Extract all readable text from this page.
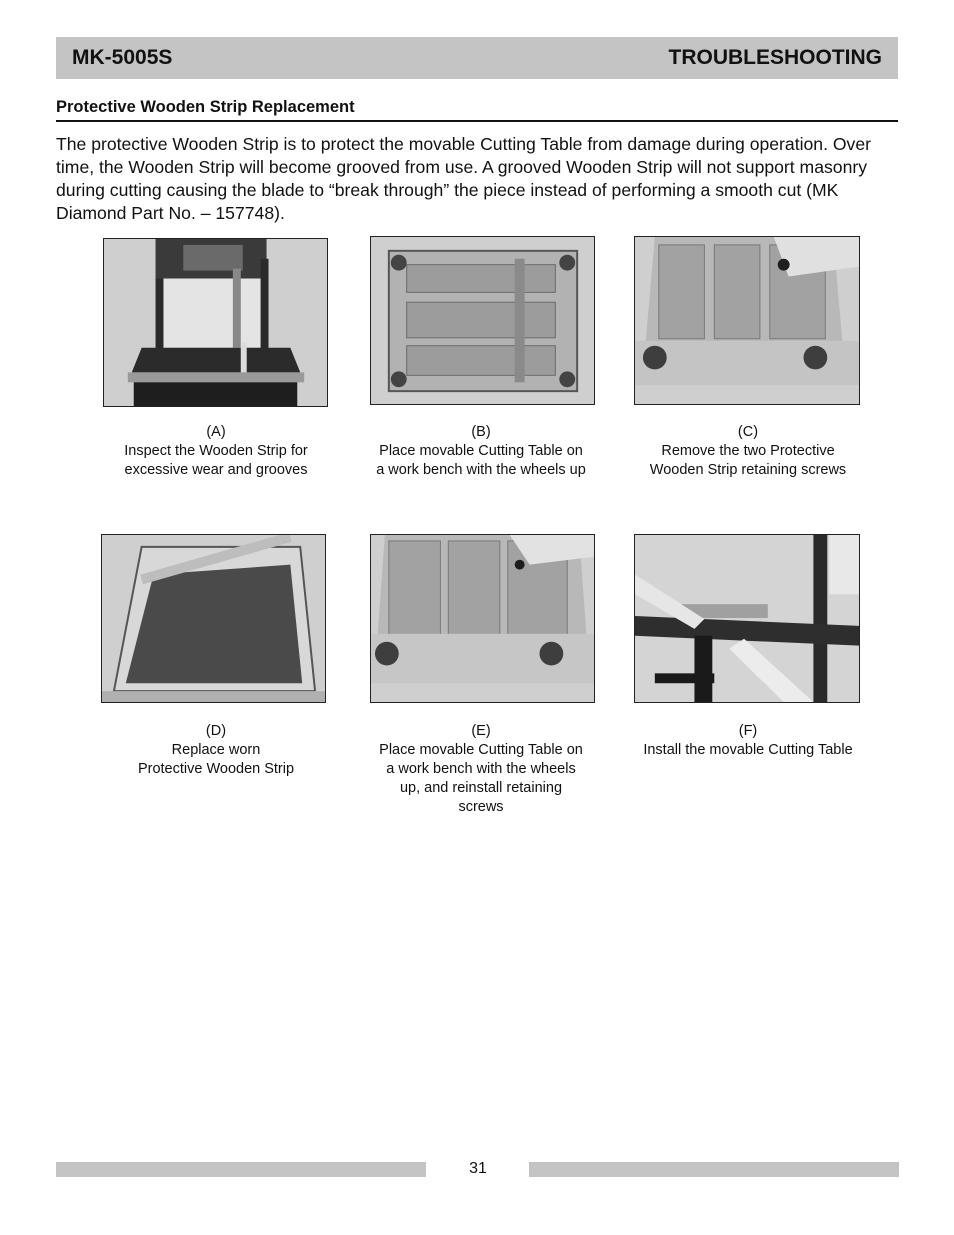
MK-5005S	TROUBLESHOOTING
Protective Wooden Strip Replacement

The protective Wooden Strip is to protect the movable Cutting Table from damage during operation. Over time, the Wooden Strip will become grooved from use. A grooved Wooden Strip will not support masonry during cutting causing the blade to “break through” the piece instead of performing a smooth cut (MK Diamond Part No. – 157748).

(A)
Inspect the Wooden Strip for
excessive wear and grooves
(B)
Place movable Cutting Table on
a work bench with the wheels up
(C)
Remove the two Protective
Wooden Strip retaining screws
(D)
Replace worn
Protective Wooden Strip
(E)
Place movable Cutting Table on
a work bench with the wheels
up, and reinstall retaining
screws
(F)
Install the movable Cutting Table
31
